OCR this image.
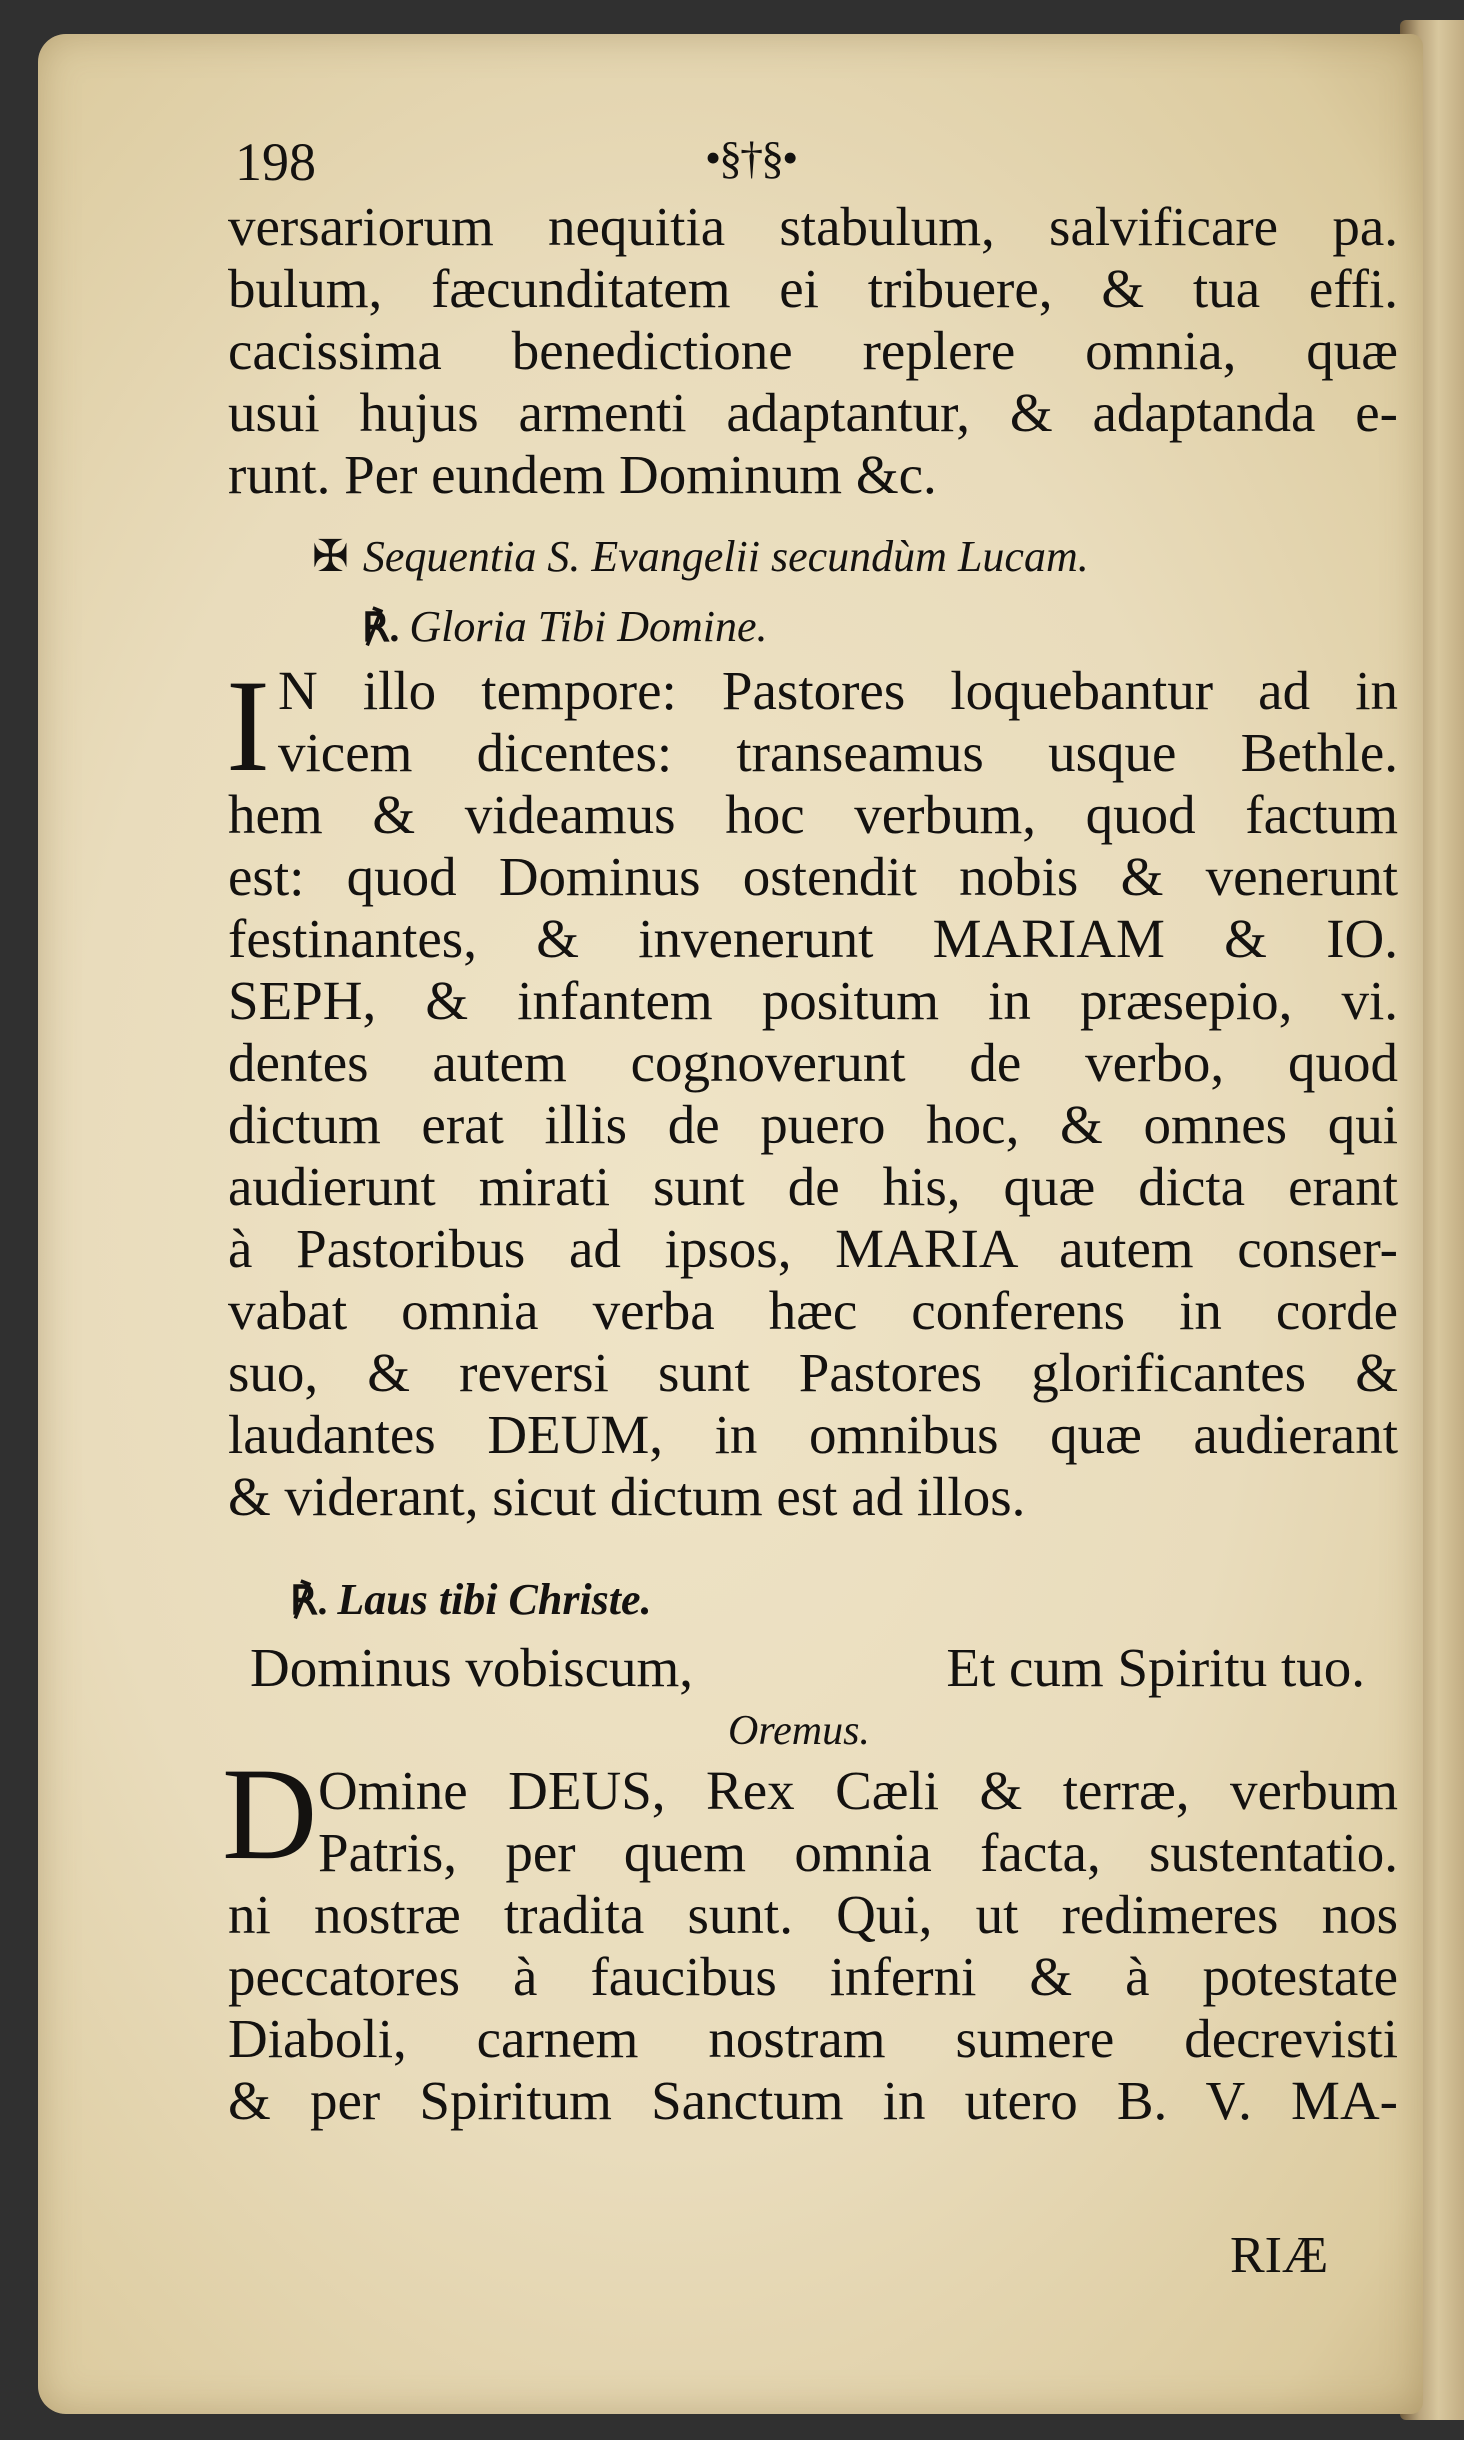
198	•§†§•
versariorum nequitia stabulum, salvificare pa.
bulum, fæcunditatem ei tribuere, & tua effi.
cacissima benedictione replere omnia, quæ
usui hujus armenti adaptantur, & adaptanda e-
runt. Per eundem Dominum &c.
✠ Sequentia S. Evangelii secundùm Lucam.
℟. Gloria Tibi Domine.
I N illo tempore: Pastores loquebantur ad in
vicem dicentes: transeamus usque Bethle.
hem & videamus hoc verbum, quod factum
est: quod Dominus ostendit nobis & venerunt
festinantes, & invenerunt MARIAM & IO.
SEPH, & infantem positum in præsepio, vi.
dentes autem cognoverunt de verbo, quod
dictum erat illis de puero hoc, & omnes qui
audierunt mirati sunt de his, quæ dicta erant
à Pastoribus ad ipsos, MARIA autem conser-
vabat omnia verba hæc conferens in corde
suo, & reversi sunt Pastores glorificantes &
laudantes DEUM, in omnibus quæ audierant
& viderant, sicut dictum est ad illos.
℟. Laus tibi Christe.
Dominus vobiscum,	Et cum Spiritu tuo.
Oremus.
D Omine DEUS, Rex Cæli & terræ, verbum
Patris, per quem omnia facta, sustentatio.
ni nostræ tradita sunt. Qui, ut redimeres nos
peccatores à faucibus inferni & à potestate
Diaboli, carnem nostram sumere decrevisti
& per Spiritum Sanctum in utero B. V. MA-
RIÆ
